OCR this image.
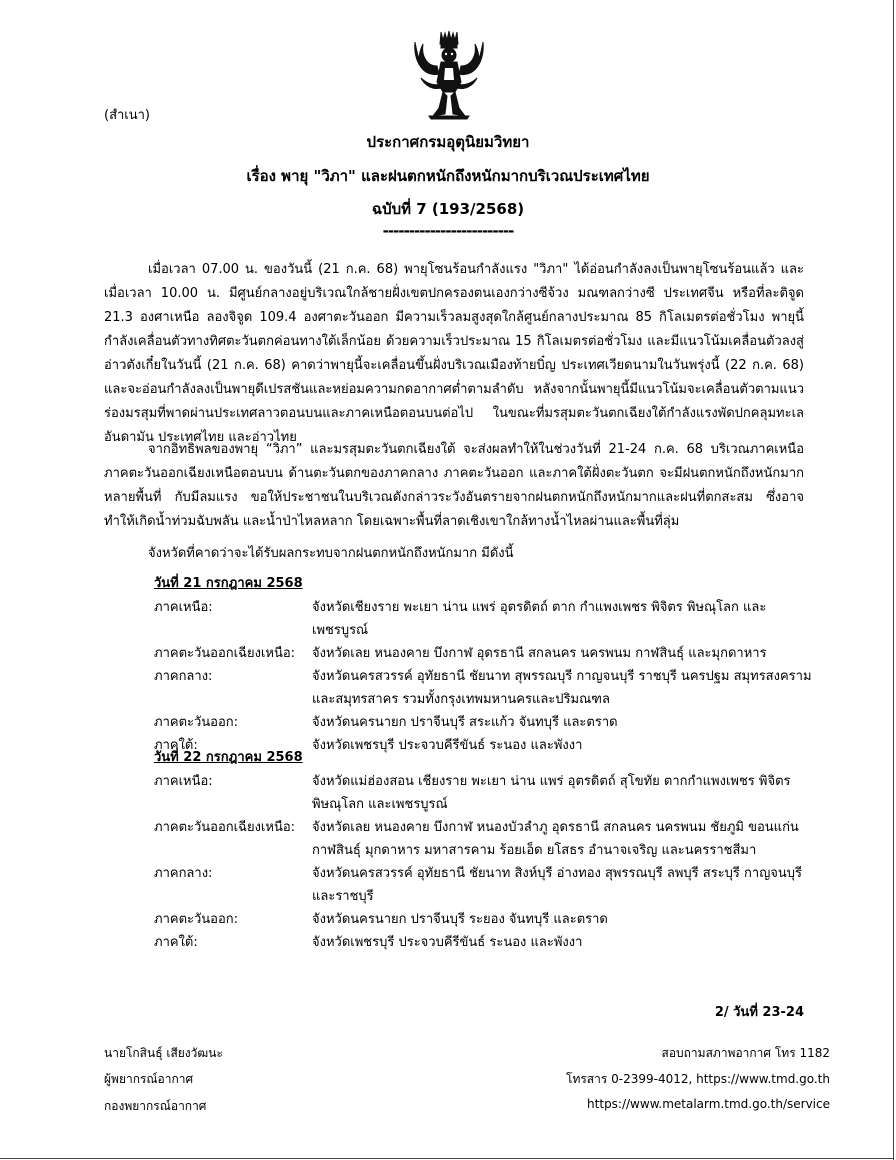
(สำเนา)
ประกาศกรมอุตุนิยมวิทยา
เรื่อง พายุ "วิภา" และฝนตกหนักถึงหนักมากบริเวณประเทศไทย
ฉบับที่ 7 (193/2568)
-------------------------

เมื่อเวลา 07.00 น. ของวันนี้ (21 ก.ค. 68) พายุโซนร้อนกำลังแรง "วิภา" ได้อ่อนกำลังลงเป็นพายุโซนร้อนแล้ว และเมื่อเวลา 10.00 น. มีศูนย์กลางอยู่บริเวณใกล้ชายฝั่งเขตปกครองตนเองกว่างซีจ้วง มณฑลกว่างซี ประเทศจีน หรือที่ละติจูด 21.3 องศาเหนือ ลองจิจูด 109.4 องศาตะวันออก มีความเร็วลมสูงสุดใกล้ศูนย์กลางประมาณ 85 กิโลเมตรต่อชั่วโมง พายุนี้กำลังเคลื่อนตัวทางทิศตะวันตกค่อนทางใต้เล็กน้อย ด้วยความเร็วประมาณ 15 กิโลเมตรต่อชั่วโมง และมีแนวโน้มเคลื่อนตัวลงสู่อ่าวตังเกี๋ยในวันนี้ (21 ก.ค. 68) คาดว่าพายุนี้จะเคลื่อนขึ้นฝั่งบริเวณเมืองท้ายบิ๋ญ ประเทศเวียดนามในวันพรุ่งนี้ (22 ก.ค. 68) และจะอ่อนกำลังลงเป็นพายุดีเปรสชันและหย่อมความกดอากาศต่ำตามลำดับ หลังจากนั้นพายุนี้มีแนวโน้มจะเคลื่อนตัวตามแนวร่องมรสุมที่พาดผ่านประเทศลาวตอนบนและภาคเหนือตอนบนต่อไป ในขณะที่มรสุมตะวันตกเฉียงใต้กำลังแรงพัดปกคลุมทะเลอันดามัน ประเทศไทย และอ่าวไทย

จากอิทธิพลของพายุ “วิภา” และมรสุมตะวันตกเฉียงใต้ จะส่งผลทำให้ในช่วงวันที่ 21-24 ก.ค. 68 บริเวณภาคเหนือ ภาคตะวันออกเฉียงเหนือตอนบน ด้านตะวันตกของภาคกลาง ภาคตะวันออก และภาคใต้ฝั่งตะวันตก จะมีฝนตกหนักถึงหนักมากหลายพื้นที่ กับมีลมแรง ขอให้ประชาชนในบริเวณดังกล่าวระวังอันตรายจากฝนตกหนักถึงหนักมากและฝนที่ตกสะสม ซึ่งอาจทำให้เกิดน้ำท่วมฉับพลัน และน้ำป่าไหลหลาก โดยเฉพาะพื้นที่ลาดเชิงเขาใกล้ทางน้ำไหลผ่านและพื้นที่ลุ่ม

จังหวัดที่คาดว่าจะได้รับผลกระทบจากฝนตกหนักถึงหนักมาก มีดังนี้

วันที่ 21 กรกฎาคม 2568
ภาคเหนือ:	จังหวัดเชียงราย พะเยา น่าน แพร่ อุตรดิตถ์ ตาก กำแพงเพชร พิจิตร พิษณุโลก และเพชรบูรณ์
ภาคตะวันออกเฉียงเหนือ:	จังหวัดเลย หนองคาย บึงกาฬ อุดรธานี สกลนคร นครพนม กาฬสินธุ์ และมุกดาหาร
ภาคกลาง:	จังหวัดนครสวรรค์ อุทัยธานี ชัยนาท สุพรรณบุรี กาญจนบุรี ราชบุรี นครปฐม สมุทรสงคราม และสมุทรสาคร รวมทั้งกรุงเทพมหานครและปริมณฑล
ภาคตะวันออก:	จังหวัดนครนายก ปราจีนบุรี สระแก้ว จันทบุรี และตราด
ภาคใต้:	จังหวัดเพชรบุรี ประจวบคีรีขันธ์ ระนอง และพังงา
วันที่ 22 กรกฎาคม 2568
ภาคเหนือ:	จังหวัดแม่ฮ่องสอน เชียงราย พะเยา น่าน แพร่ อุตรดิตถ์ สุโขทัย ตากกำแพงเพชร พิจิตร พิษณุโลก และเพชรบูรณ์
ภาคตะวันออกเฉียงเหนือ:	จังหวัดเลย หนองคาย บึงกาฬ หนองบัวลำภู อุดรธานี สกลนคร นครพนม ชัยภูมิ ขอนแก่น กาฬสินธุ์ มุกดาหาร มหาสารคาม ร้อยเอ็ด ยโสธร อำนาจเจริญ และนครราชสีมา
ภาคกลาง:	จังหวัดนครสวรรค์ อุทัยธานี ชัยนาท สิงห์บุรี อ่างทอง สุพรรณบุรี ลพบุรี สระบุรี กาญจนบุรี และราชบุรี
ภาคตะวันออก:	จังหวัดนครนายก ปราจีนบุรี ระยอง จันทบุรี และตราด
ภาคใต้:	จังหวัดเพชรบุรี ประจวบคีรีขันธ์ ระนอง และพังงา
2/ วันที่ 23-24
นายโกสินธุ์ เสียงวัฒนะ
ผู้พยากรณ์อากาศ
กองพยากรณ์อากาศ
สอบถามสภาพอากาศ โทร 1182
โทรสาร 0-2399-4012, https://www.tmd.go.th
https://www.metalarm.tmd.go.th/service
